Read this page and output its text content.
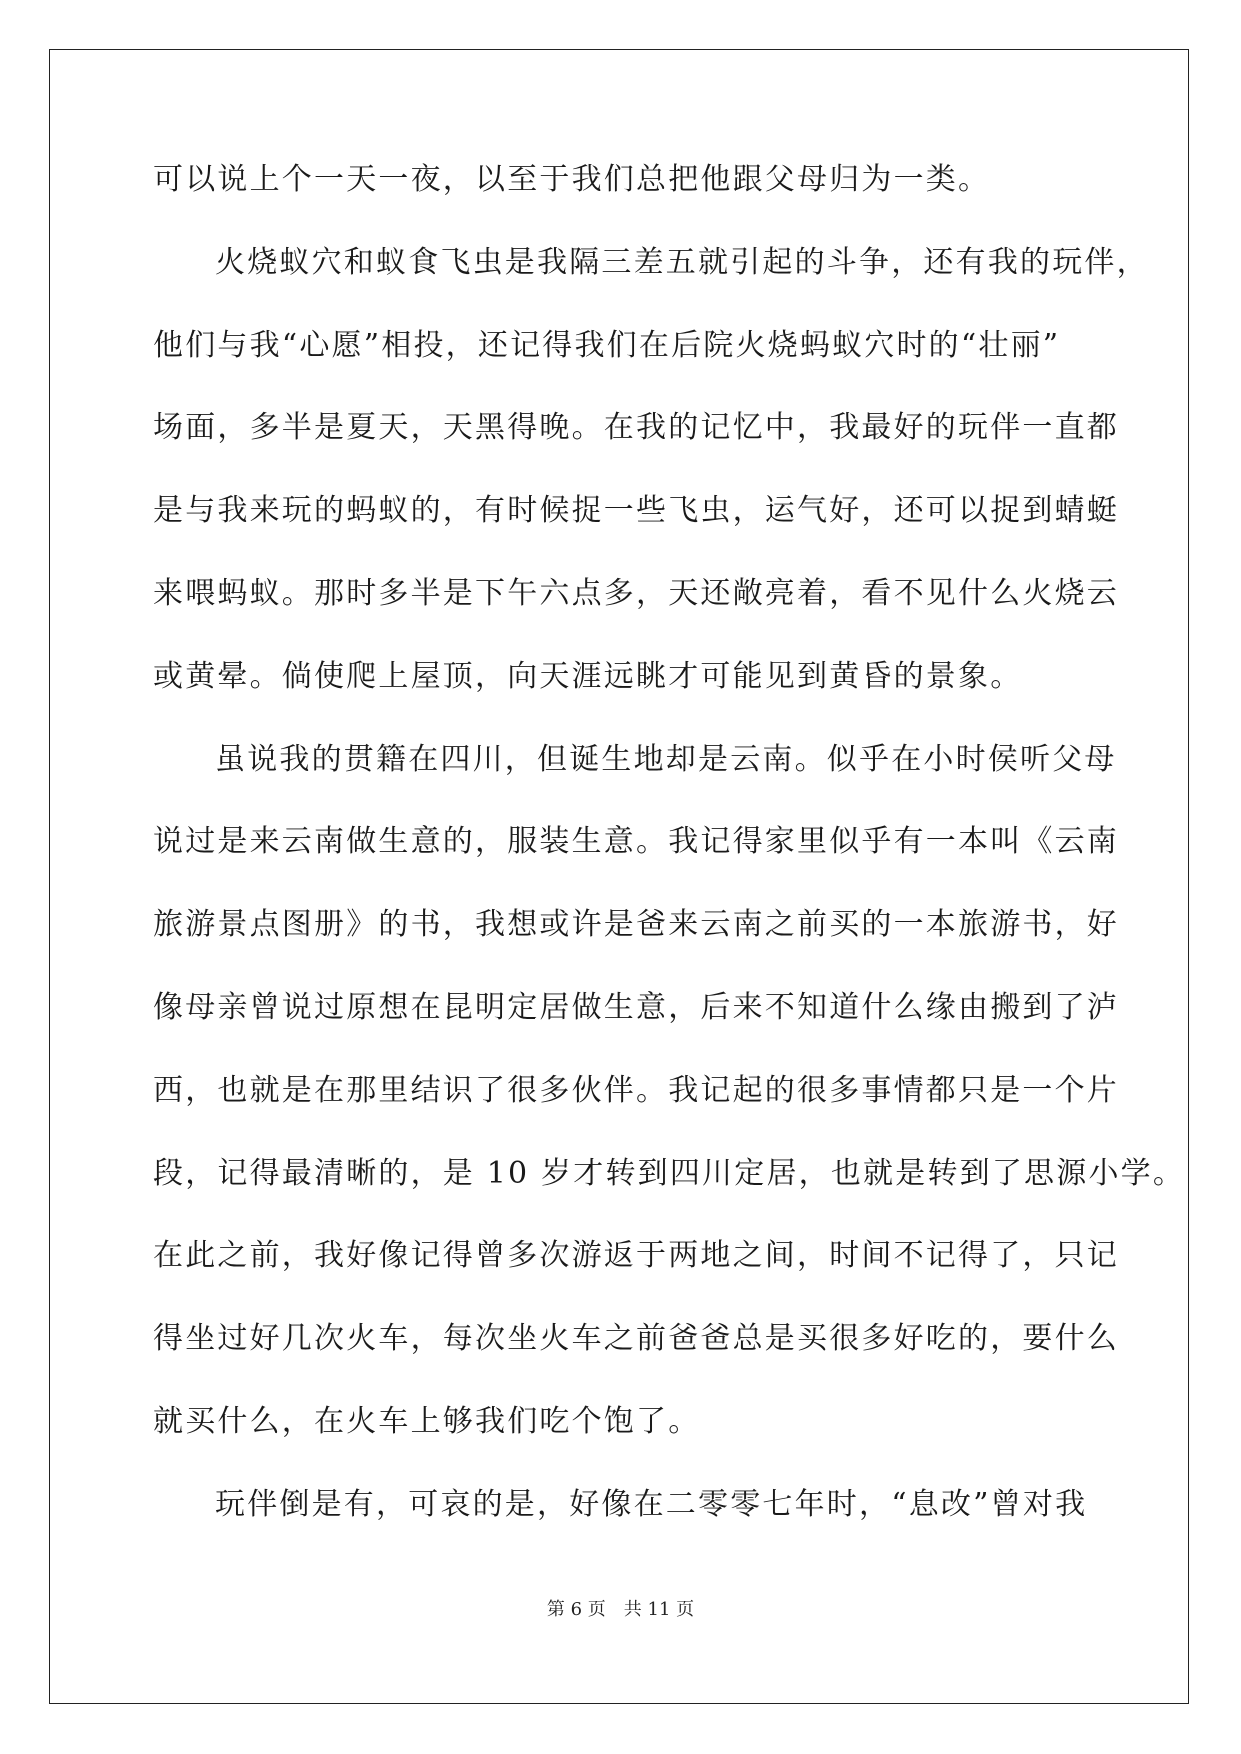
可以说上个一天一夜，以至于我们总把他跟父母归为一类。
火烧蚁穴和蚁食飞虫是我隔三差五就引起的斗争，还有我的玩伴，
他们与我“心愿”相投，还记得我们在后院火烧蚂蚁穴时的“壮丽”
场面，多半是夏天，天黑得晚。在我的记忆中，我最好的玩伴一直都
是与我来玩的蚂蚁的，有时候捉一些飞虫，运气好，还可以捉到蜻蜓
来喂蚂蚁。那时多半是下午六点多，天还敞亮着，看不见什么火烧云
或黄晕。倘使爬上屋顶，向天涯远眺才可能见到黄昏的景象。
虽说我的贯籍在四川，但诞生地却是云南。似乎在小时侯听父母
说过是来云南做生意的，服装生意。我记得家里似乎有一本叫《云南
旅游景点图册》的书，我想或许是爸来云南之前买的一本旅游书，好
像母亲曾说过原想在昆明定居做生意，后来不知道什么缘由搬到了泸
西，也就是在那里结识了很多伙伴。我记起的很多事情都只是一个片
段，记得最清晰的，是 10 岁才转到四川定居，也就是转到了思源小学。
在此之前，我好像记得曾多次游返于两地之间，时间不记得了，只记
得坐过好几次火车，每次坐火车之前爸爸总是买很多好吃的，要什么
就买什么，在火车上够我们吃个饱了。
玩伴倒是有，可哀的是，好像在二零零七年时，“息改”曾对我
第 6 页　共 11 页
